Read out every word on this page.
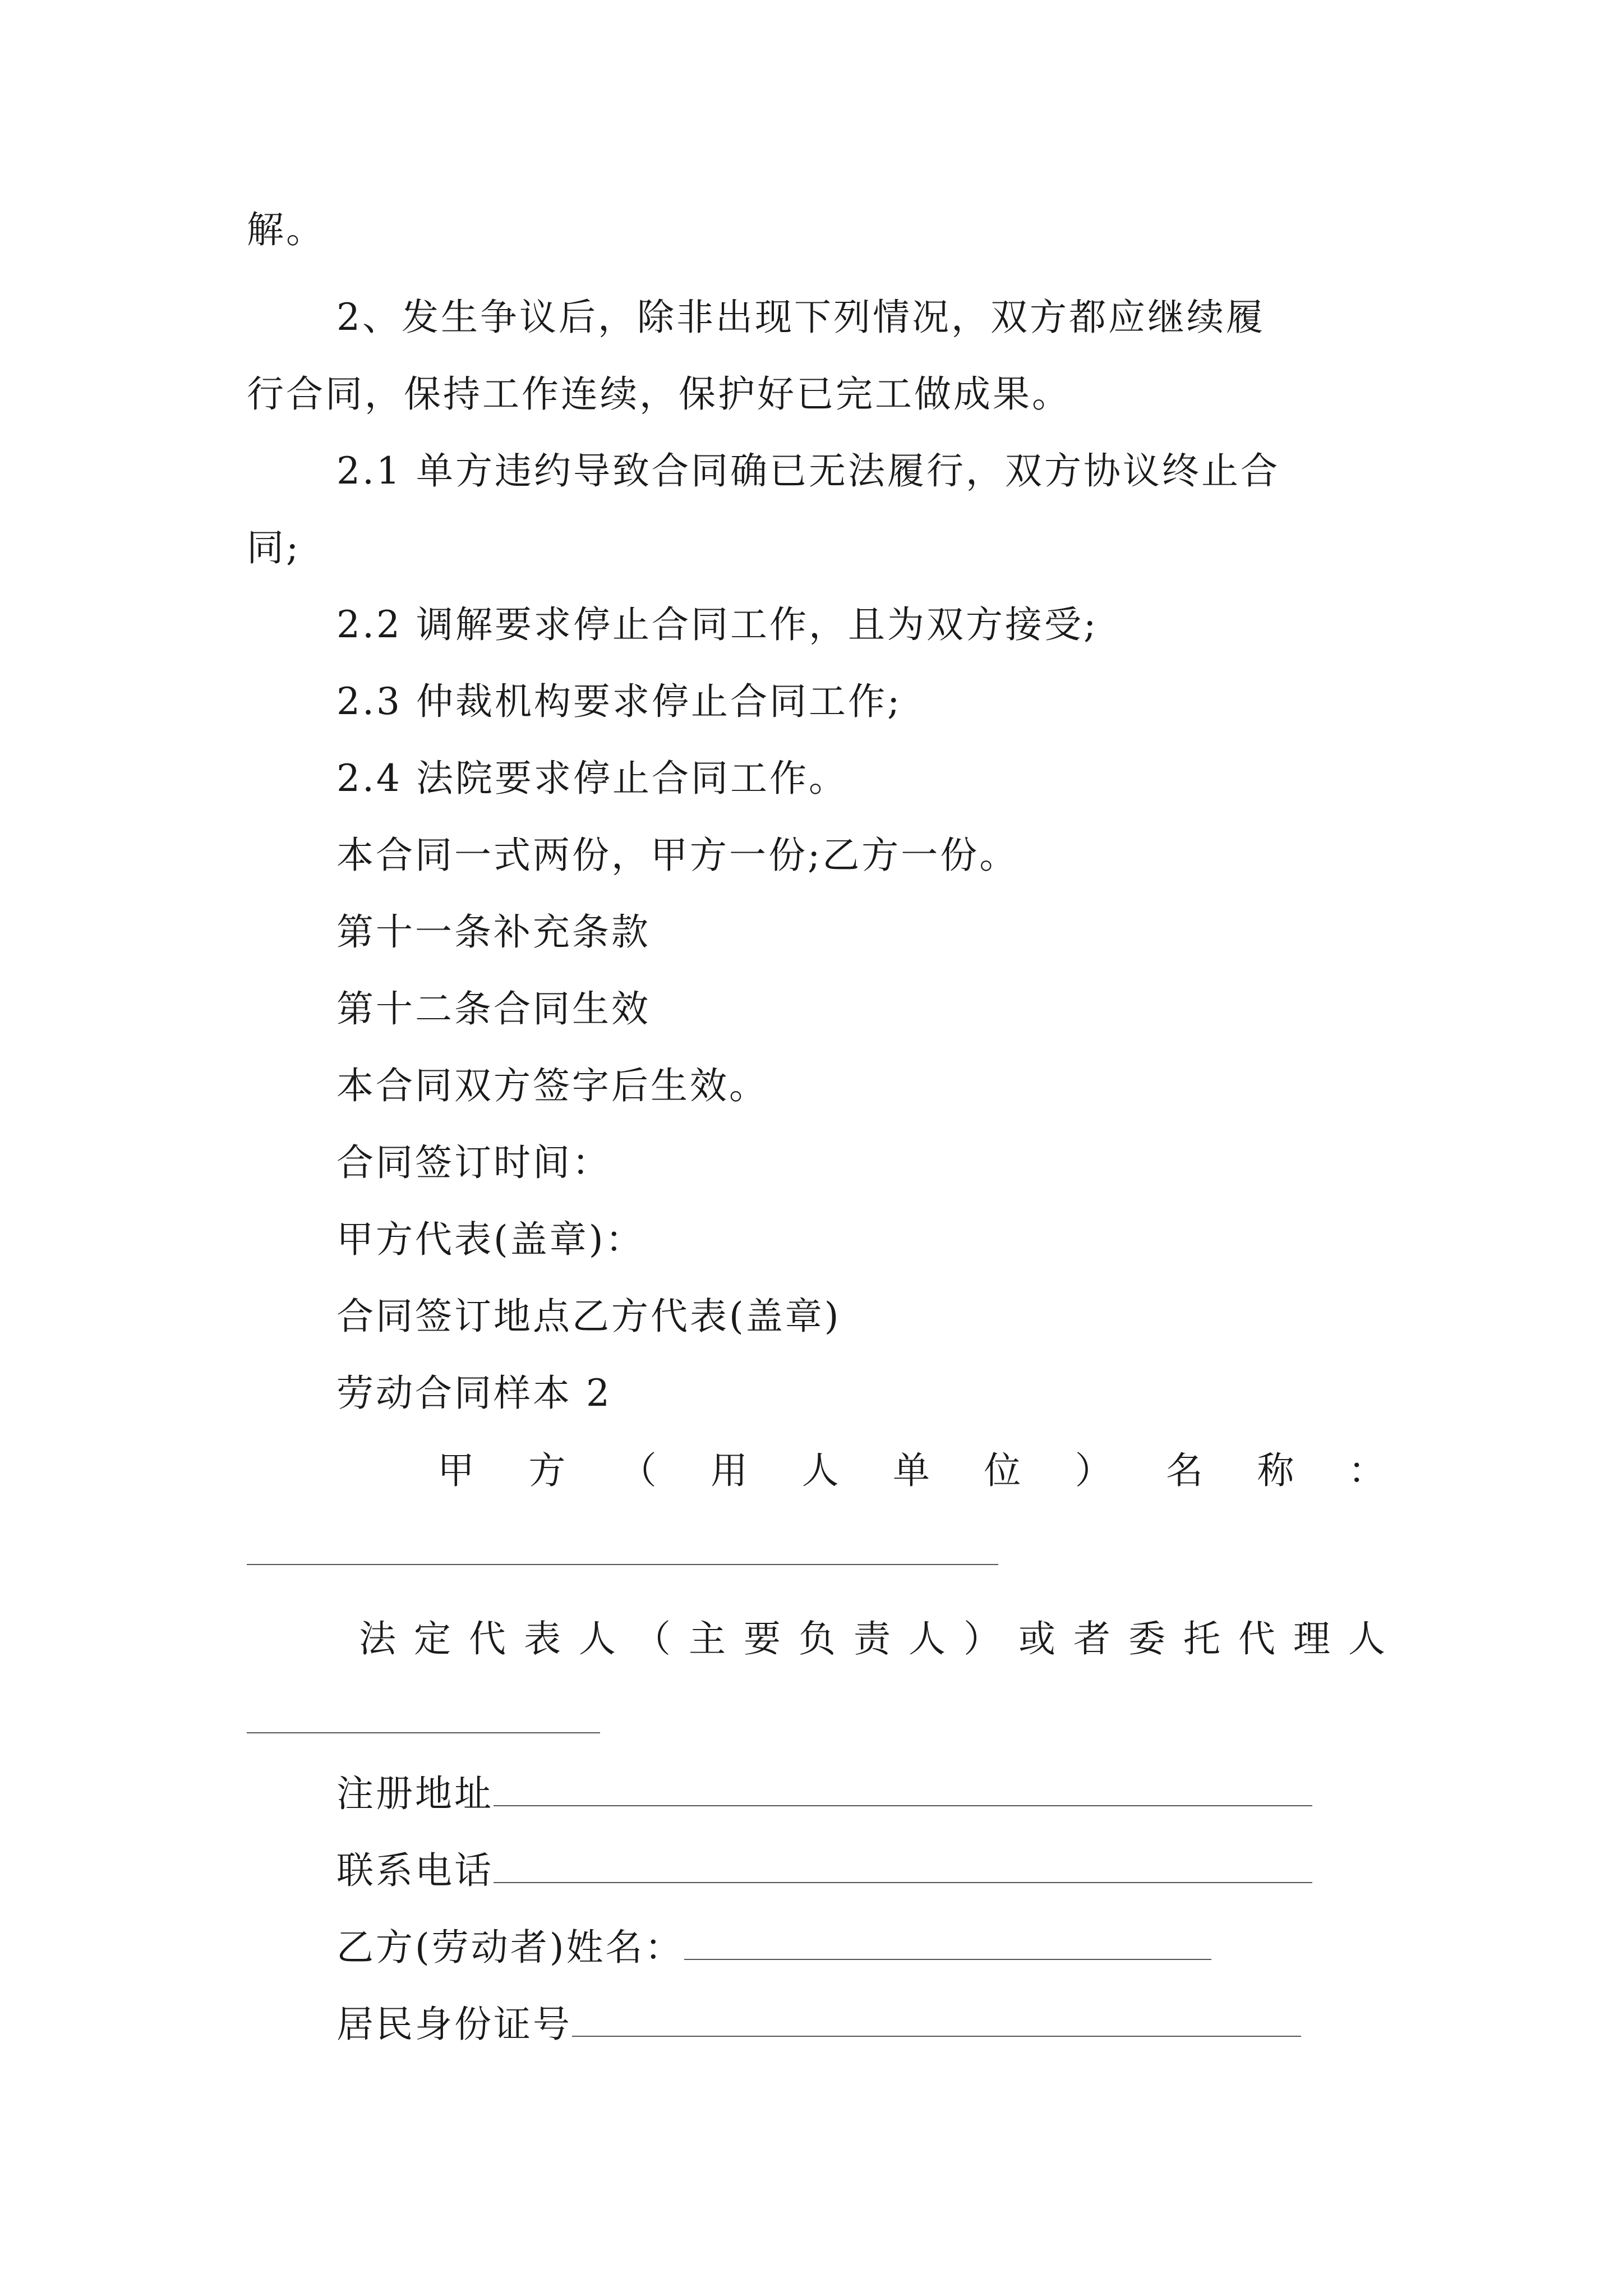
解。
2、发生争议后，除非出现下列情况，双方都应继续履
行合同，保持工作连续，保护好已完工做成果。
2.1 单方违约导致合同确已无法履行，双方协议终止合
同;
2.2 调解要求停止合同工作，且为双方接受;
2.3 仲裁机构要求停止合同工作;
2.4 法院要求停止合同工作。
本合同一式两份，甲方一份;乙方一份。
第十一条补充条款
第十二条合同生效
本合同双方签字后生效。
合同签订时间：
甲方代表(盖章)：
合同签订地点乙方代表(盖章)
劳动合同样本 2
甲 方 （ 用 人 单 位 ） 名 称 ：
法 定 代 表 人 （ 主 要 负 责 人 ） 或 者 委 托 代 理 人
注册地址
联系电话
乙方(劳动者)姓名：
居民身份证号
